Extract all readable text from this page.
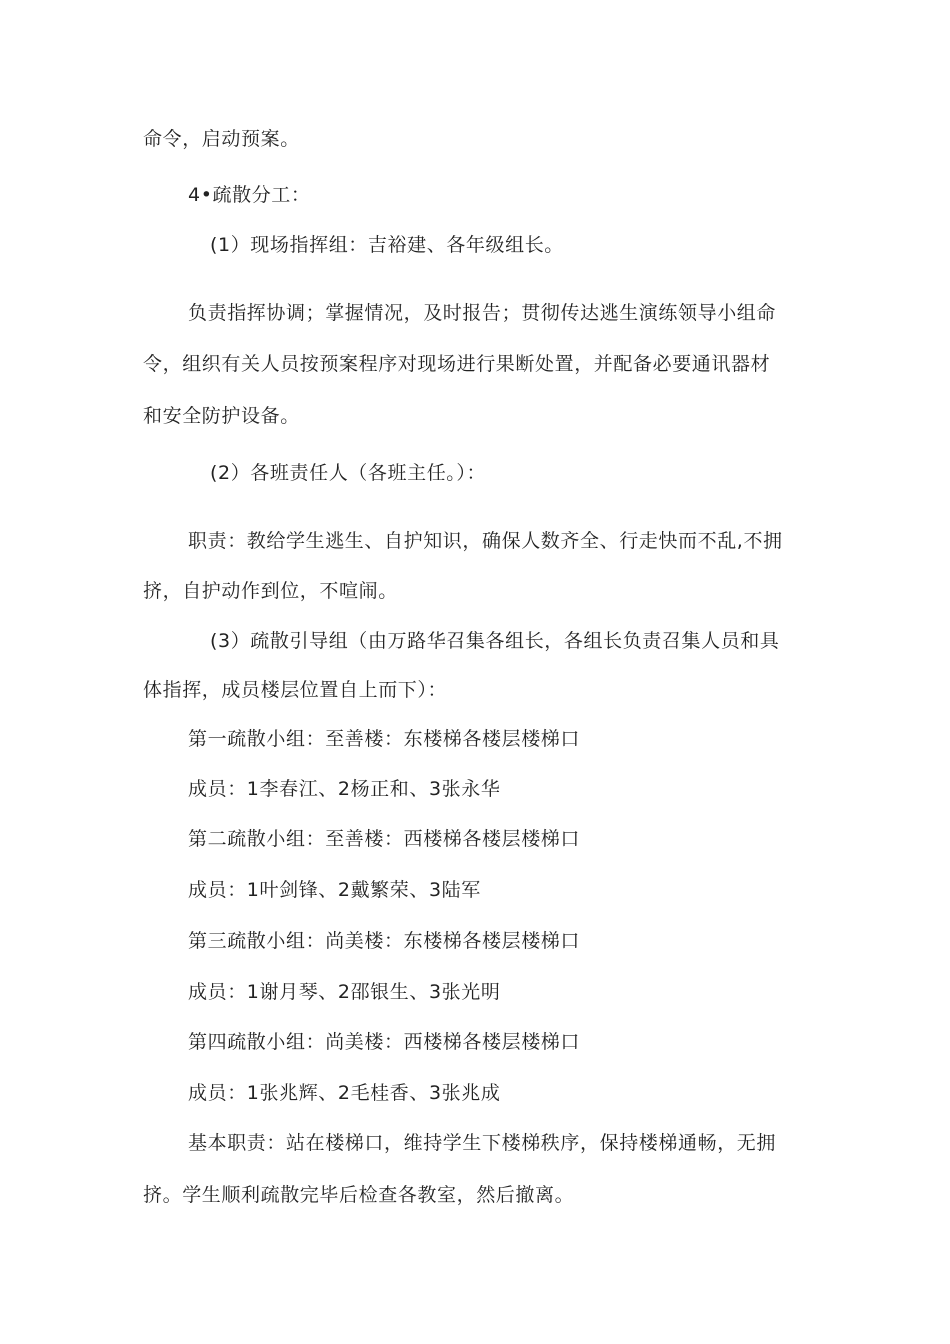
命令，启动预案。
4•疏散分工：
(1）现场指挥组：吉裕建、各年级组长。
负责指挥协调；掌握情况，及时报告；贯彻传达逃生演练领导小组命
令，组织有关人员按预案程序对现场进行果断处置，并配备必要通讯器材
和安全防护设备。
(2）各班责任人（各班主任。）：
职责：教给学生逃生、自护知识，确保人数齐全、行走快而不乱,不拥
挤，自护动作到位，不喧闹。
(3）疏散引导组（由万路华召集各组长，各组长负责召集人员和具
体指挥，成员楼层位置自上而下）：
第一疏散小组：至善楼：东楼梯各楼层楼梯口
成员：1李春江、2杨正和、3张永华
第二疏散小组：至善楼：西楼梯各楼层楼梯口
成员：1叶剑锋、2戴繁荣、3陆军
第三疏散小组：尚美楼：东楼梯各楼层楼梯口
成员：1谢月琴、2邵银生、3张光明
第四疏散小组：尚美楼：西楼梯各楼层楼梯口
成员：1张兆辉、2毛桂香、3张兆成
基本职责：站在楼梯口，维持学生下楼梯秩序，保持楼梯通畅，无拥
挤。学生顺利疏散完毕后检查各教室，然后撤离。
